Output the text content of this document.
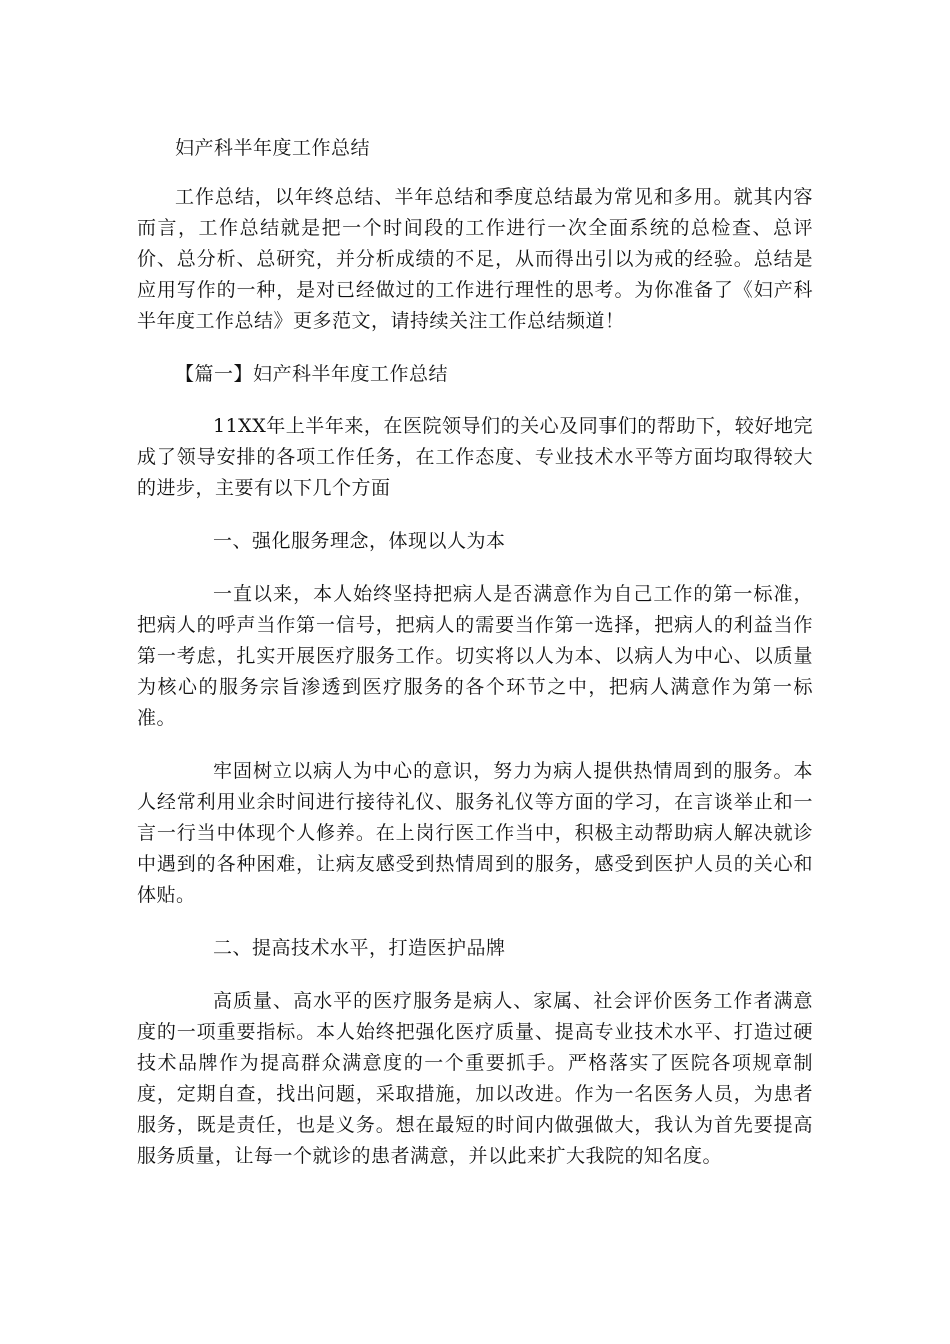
妇产科半年度工作总结

工作总结，以年终总结、半年总结和季度总结最为常见和多用。就其内容而言，工作总结就是把一个时间段的工作进行一次全面系统的总检查、总评价、总分析、总研究，并分析成绩的不足，从而得出引以为戒的经验。总结是应用写作的一种，是对已经做过的工作进行理性的思考。为你准备了《妇产科半年度工作总结》更多范文，请持续关注工作总结频道！

【篇一】妇产科半年度工作总结

11XX年上半年来，在医院领导们的关心及同事们的帮助下，较好地完成了领导安排的各项工作任务，在工作态度、专业技术水平等方面均取得较大的进步，主要有以下几个方面

一、强化服务理念，体现以人为本

一直以来，本人始终坚持把病人是否满意作为自己工作的第一标准，把病人的呼声当作第一信号，把病人的需要当作第一选择，把病人的利益当作第一考虑，扎实开展医疗服务工作。切实将以人为本、以病人为中心、以质量为核心的服务宗旨渗透到医疗服务的各个环节之中，把病人满意作为第一标准。

牢固树立以病人为中心的意识，努力为病人提供热情周到的服务。本人经常利用业余时间进行接待礼仪、服务礼仪等方面的学习，在言谈举止和一言一行当中体现个人修养。在上岗行医工作当中，积极主动帮助病人解决就诊中遇到的各种困难，让病友感受到热情周到的服务，感受到医护人员的关心和体贴。

二、提高技术水平，打造医护品牌

高质量、高水平的医疗服务是病人、家属、社会评价医务工作者满意度的一项重要指标。本人始终把强化医疗质量、提高专业技术水平、打造过硬技术品牌作为提高群众满意度的一个重要抓手。严格落实了医院各项规章制度，定期自查，找出问题，采取措施，加以改进。作为一名医务人员，为患者服务，既是责任，也是义务。想在最短的时间内做强做大，我认为首先要提高服务质量，让每一个就诊的患者满意，并以此来扩大我院的知名度。
